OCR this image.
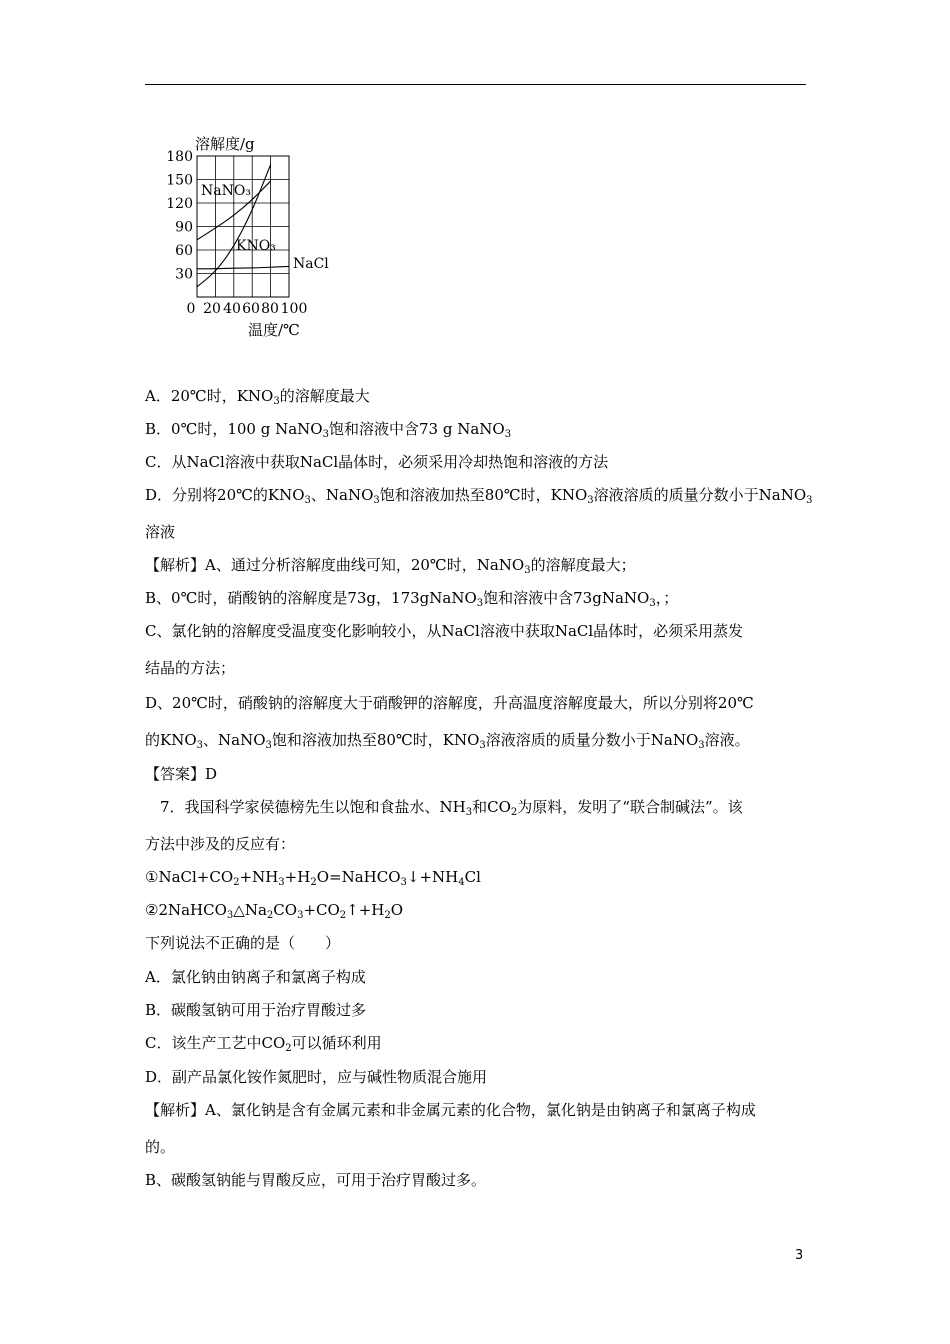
30
60
90
120
150
180
0 20 40 60 80 100
溶解度/g
温度/℃
NaNO₃
KNO₃
NaCl
A．20℃时，$KNO_3$的溶解度最大
B．0℃时，100 g NaNO$_3$饱和溶液中含73 g NaNO$_3$
C．从NaCl溶液中获取NaCl晶体时，必须采用冷却热饱和溶液的方法
D．分别将20℃的$KNO_3$、NaNO$_3$饱和溶液加热至80℃时，$KNO_3$溶液溶质的质量分数小于NaNO$_3$
溶液
【解析】A、通过分析溶解度曲线可知，20℃时，NaNO$_3$的溶解度最大；
B、0℃时，硝酸钠的溶解度是73g，173gNaNO$_3$饱和溶液中含73gNaNO$_3$，；
C、氯化钠的溶解度受温度变化影响较小，从NaCl溶液中获取NaCl晶体时，必须采用蒸发
结晶的方法；
D、20℃时，硝酸钠的溶解度大于硝酸钾的溶解度，升高温度溶解度最大，所以分别将20℃
的$KNO_3$、NaNO$_3$饱和溶液加热至80℃时，$KNO_3$溶液溶质的质量分数小于NaNO$_3$溶液。
【答案】D
7．我国科学家侯德榜先生以饱和食盐水、$NH_3$和$CO_2$为原料，发明了“联合制碱法”。该
方法中涉及的反应有：
$①NaCl+CO_2+NH_3+H_2O=NaHCO_3↓+NH_4Cl$
$②2NaHCO_3\triangle Na_2CO_3+CO_2↑+H_2O$
下列说法不正确的是（　　）
A．氯化钠由钠离子和氯离子构成
B．碳酸氢钠可用于治疗胃酸过多
C．该生产工艺中$CO_2$可以循环利用
D．副产品氯化铵作氮肥时，应与碱性物质混合施用
【解析】A、氯化钠是含有金属元素和非金属元素的化合物，氯化钠是由钠离子和氯离子构成
的。
B、碳酸氢钠能与胃酸反应，可用于治疗胃酸过多。
3
